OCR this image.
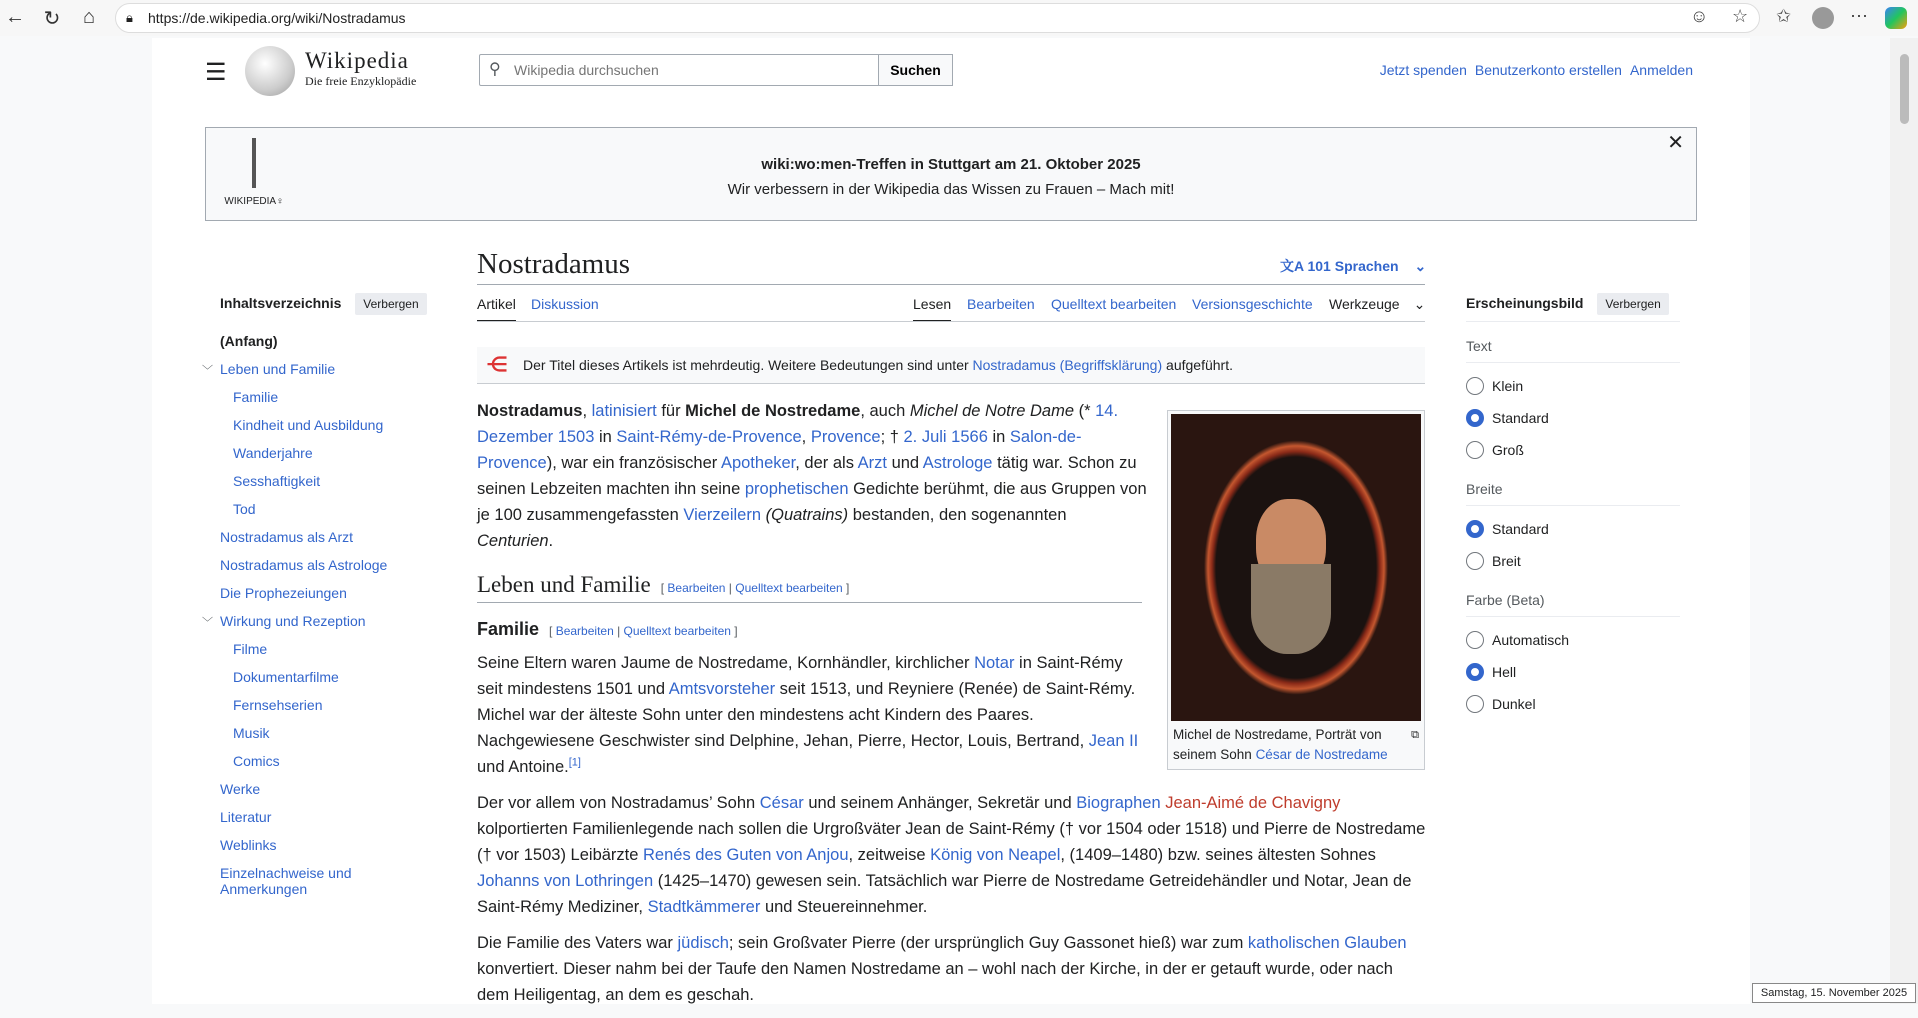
← ↻ ⌂	🔒︎ https://de.wikipedia.org/wiki/Nostradamus	☺ ☆ ✩	⋯
☰	Wikipedia
Die freie Enzyklopädie
Wikipedia durchsuchen
⚲	Suchen	Jetzt spenden Benutzerkonto erstellen Anmelden
WIKIPEDIA♀
wiki:wo:men-Treffen in Stuttgart am 21. Oktober 2025
Wir verbessern in der Wikipedia das Wissen zu Frauen – Mach mit!
✕
Nostradamus	文A 101 Sprachen ⌄
Artikel Diskussion	Lesen Bearbeiten Quelltext bearbeiten Versionsgeschichte Werkzeuge ⌄
Inhaltsverzeichnis Verbergen
(Anfang)
﹀ Leben und Familie
Familie
Kindheit und Ausbildung
Wanderjahre
Sesshaftigkeit
Tod
Nostradamus als Arzt
Nostradamus als Astrologe
Die Prophezeiungen
﹀ Wirkung und Rezeption
Filme
Dokumentarfilme
Fernsehserien
Musik
Comics
Werke
Literatur
Weblinks
Einzelnachweise und Anmerkungen
Erscheinungsbild Verbergen
Text
Klein
Standard
Groß
Breite
Standard
Breit
Farbe (Beta)
Automatisch
Hell
Dunkel
⋲ Der Titel dieses Artikels ist mehrdeutig. Weitere Bedeutungen sind unter Nostradamus (Begriffsklärung) aufgeführt.
Nostradamus, latinisiert für Michel de Nostredame, auch Michel de Notre Dame (* 14. Dezember 1503 in Saint-Rémy-de-Provence, Provence; † 2. Juli 1566 in Salon-de-Provence), war ein französischer Apotheker, der als Arzt und Astrologe tätig war. Schon zu seinen Lebzeiten machten ihn seine prophetischen Gedichte berühmt, die aus Gruppen von je 100 zusammengefassten Vierzeilern (Quatrains) bestanden, den sogenannten Centurien.
Leben und Familie [ Bearbeiten | Quelltext bearbeiten ]
Familie [ Bearbeiten | Quelltext bearbeiten ]
Seine Eltern waren Jaume de Nostredame, Kornhändler, kirchlicher Notar in Saint-Rémy seit mindestens 1501 und Amtsvorsteher seit 1513, und Reyniere (Renée) de Saint-Rémy. Michel war der älteste Sohn unter den mindestens acht Kindern des Paares. Nachgewiesene Geschwister sind Delphine, Jehan, Pierre, Hector, Louis, Bertrand, Jean II und Antoine.[1]
Der vor allem von Nostradamus’ Sohn César und seinem Anhänger, Sekretär und Biographen Jean-Aimé de Chavigny kolportierten Familienlegende nach sollen die Urgroßväter Jean de Saint-Rémy († vor 1504 oder 1518) und Pierre de Nostredame († vor 1503) Leibärzte Renés des Guten von Anjou, zeitweise König von Neapel, (1409–1480) bzw. seines ältesten Sohnes Johanns von Lothringen (1425–1470) gewesen sein. Tatsächlich war Pierre de Nostredame Getreidehändler und Notar, Jean de Saint-Rémy Mediziner, Stadtkämmerer und Steuereinnehmer.
Die Familie des Vaters war jüdisch; sein Großvater Pierre (der ursprünglich Guy Gassonet hieß) war zum katholischen Glauben konvertiert. Dieser nahm bei der Taufe den Namen Nostredame an – wohl nach der Kirche, in der er getauft wurde, oder nach dem Heiligentag, an dem es geschah.
⧉
Michel de Nostredame, Porträt von seinem Sohn César de Nostredame
Samstag, 15. November 2025
